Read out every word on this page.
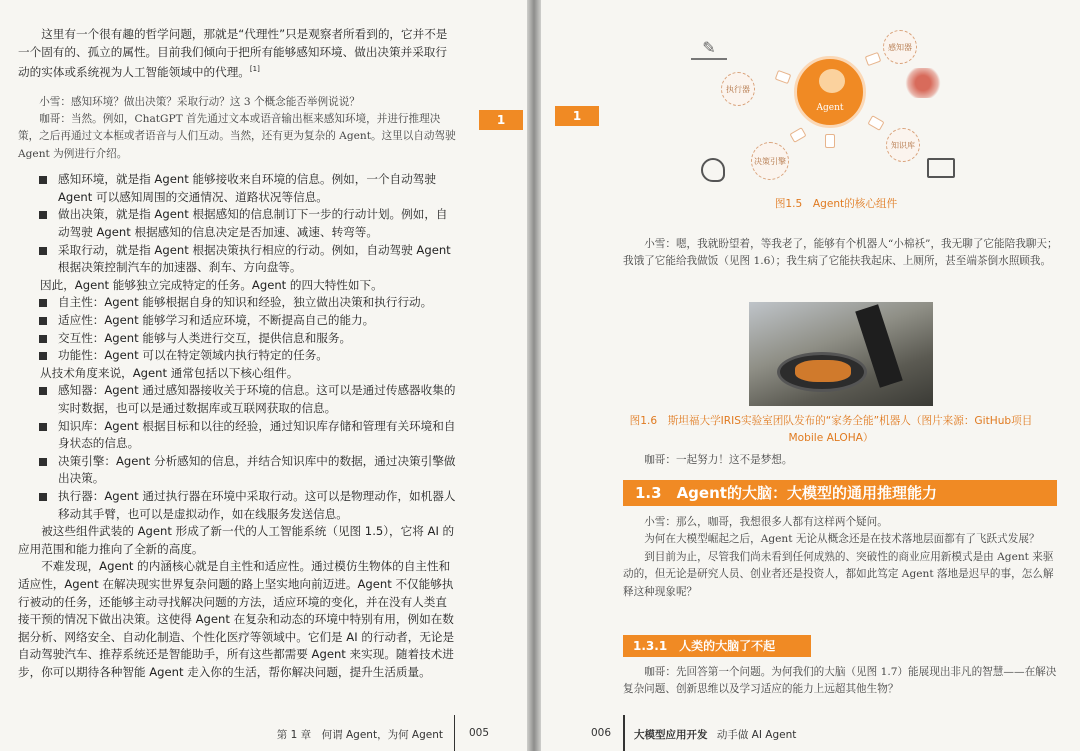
这里有一个很有趣的哲学问题，那就是“代理性”只是观察者所看到的，它并不是一个固有的、孤立的属性。目前我们倾向于把所有能够感知环境、做出决策并采取行动的实体或系统视为人工智能领域中的代理。[1]

小雪：感知环境？做出决策？采取行动？这 3 个概念能否举例说说？

咖哥：当然。例如，ChatGPT 首先通过文本或语音输出框来感知环境，并进行推理决策，之后再通过文本框或者语音与人们互动。当然，还有更为复杂的 Agent。这里以自动驾驶 Agent 为例进行介绍。

感知环境，就是指 Agent 能够接收来自环境的信息。例如，一个自动驾驶 Agent 可以感知周围的交通情况、道路状况等信息。
做出决策，就是指 Agent 根据感知的信息制订下一步的行动计划。例如，自动驾驶 Agent 根据感知的信息决定是否加速、减速、转弯等。
采取行动，就是指 Agent 根据决策执行相应的行动。例如，自动驾驶 Agent 根据决策控制汽车的加速器、刹车、方向盘等。

因此，Agent 能够独立完成特定的任务。Agent 的四大特性如下。

自主性：Agent 能够根据自身的知识和经验，独立做出决策和执行行动。
适应性：Agent 能够学习和适应环境，不断提高自己的能力。
交互性：Agent 能够与人类进行交互，提供信息和服务。
功能性：Agent 可以在特定领域内执行特定的任务。

从技术角度来说，Agent 通常包括以下核心组件。

感知器：Agent 通过感知器接收关于环境的信息。这可以是通过传感器收集的实时数据，也可以是通过数据库或互联网获取的信息。
知识库：Agent 根据目标和以往的经验，通过知识库存储和管理有关环境和自身状态的信息。
决策引擎：Agent 分析感知的信息，并结合知识库中的数据，通过决策引擎做出决策。
执行器：Agent 通过执行器在环境中采取行动。这可以是物理动作，如机器人移动其手臂，也可以是虚拟动作，如在线服务发送信息。

被这些组件武装的 Agent 形成了新一代的人工智能系统（见图 1.5），它将 AI 的应用范围和能力推向了全新的高度。

不难发现，Agent 的内涵核心就是自主性和适应性。通过模仿生物体的自主性和适应性，Agent 在解决现实世界复杂问题的路上坚实地向前迈进。Agent 不仅能够执行被动的任务，还能够主动寻找解决问题的方法，适应环境的变化，并在没有人类直接干预的情况下做出决策。这使得 Agent 在复杂和动态的环境中特别有用，例如在数据分析、网络安全、自动化制造、个性化医疗等领域中。它们是 AI 的行动者，无论是自动驾驶汽车、推荐系统还是智能助手，所有这些都需要 Agent 来实现。随着技术进步，你可以期待各种智能 Agent 走入你的生活，帮你解决问题，提升生活质量。

1
第 1 章　何谓 Agent，为何 Agent 005
1
Agent
感知器
执行器
知识库
决策引擎
✎
图1.5　Agent的核心组件

小雪：嗯，我就盼望着，等我老了，能够有个机器人“小棉袄”，我无聊了它能陪我聊天；我饿了它能给我做饭（见图 1.6）；我生病了它能扶我起床、上厕所，甚至端茶倒水照顾我。

图1.6　斯坦福大学IRIS实验室团队发布的“家务全能”机器人（图片来源：GitHub项目
Mobile ALOHA）

咖哥：一起努力！这不是梦想。

1.3　Agent的大脑：大模型的通用推理能力

小雪：那么，咖哥，我想很多人都有这样两个疑问。

为何在大模型崛起之后，Agent 无论从概念还是在技术落地层面都有了飞跃式发展？

到目前为止，尽管我们尚未看到任何成熟的、突破性的商业应用新模式是由 Agent 来驱动的，但无论是研究人员、创业者还是投资人，都如此笃定 Agent 落地是迟早的事，怎么解释这种现象呢？

1.3.1　人类的大脑了不起

咖哥：先回答第一个问题。为何我们的大脑（见图 1.7）能展现出非凡的智慧——在解决复杂问题、创新思维以及学习适应的能力上远超其他生物？

006 大模型应用开发 动手做 AI Agent
